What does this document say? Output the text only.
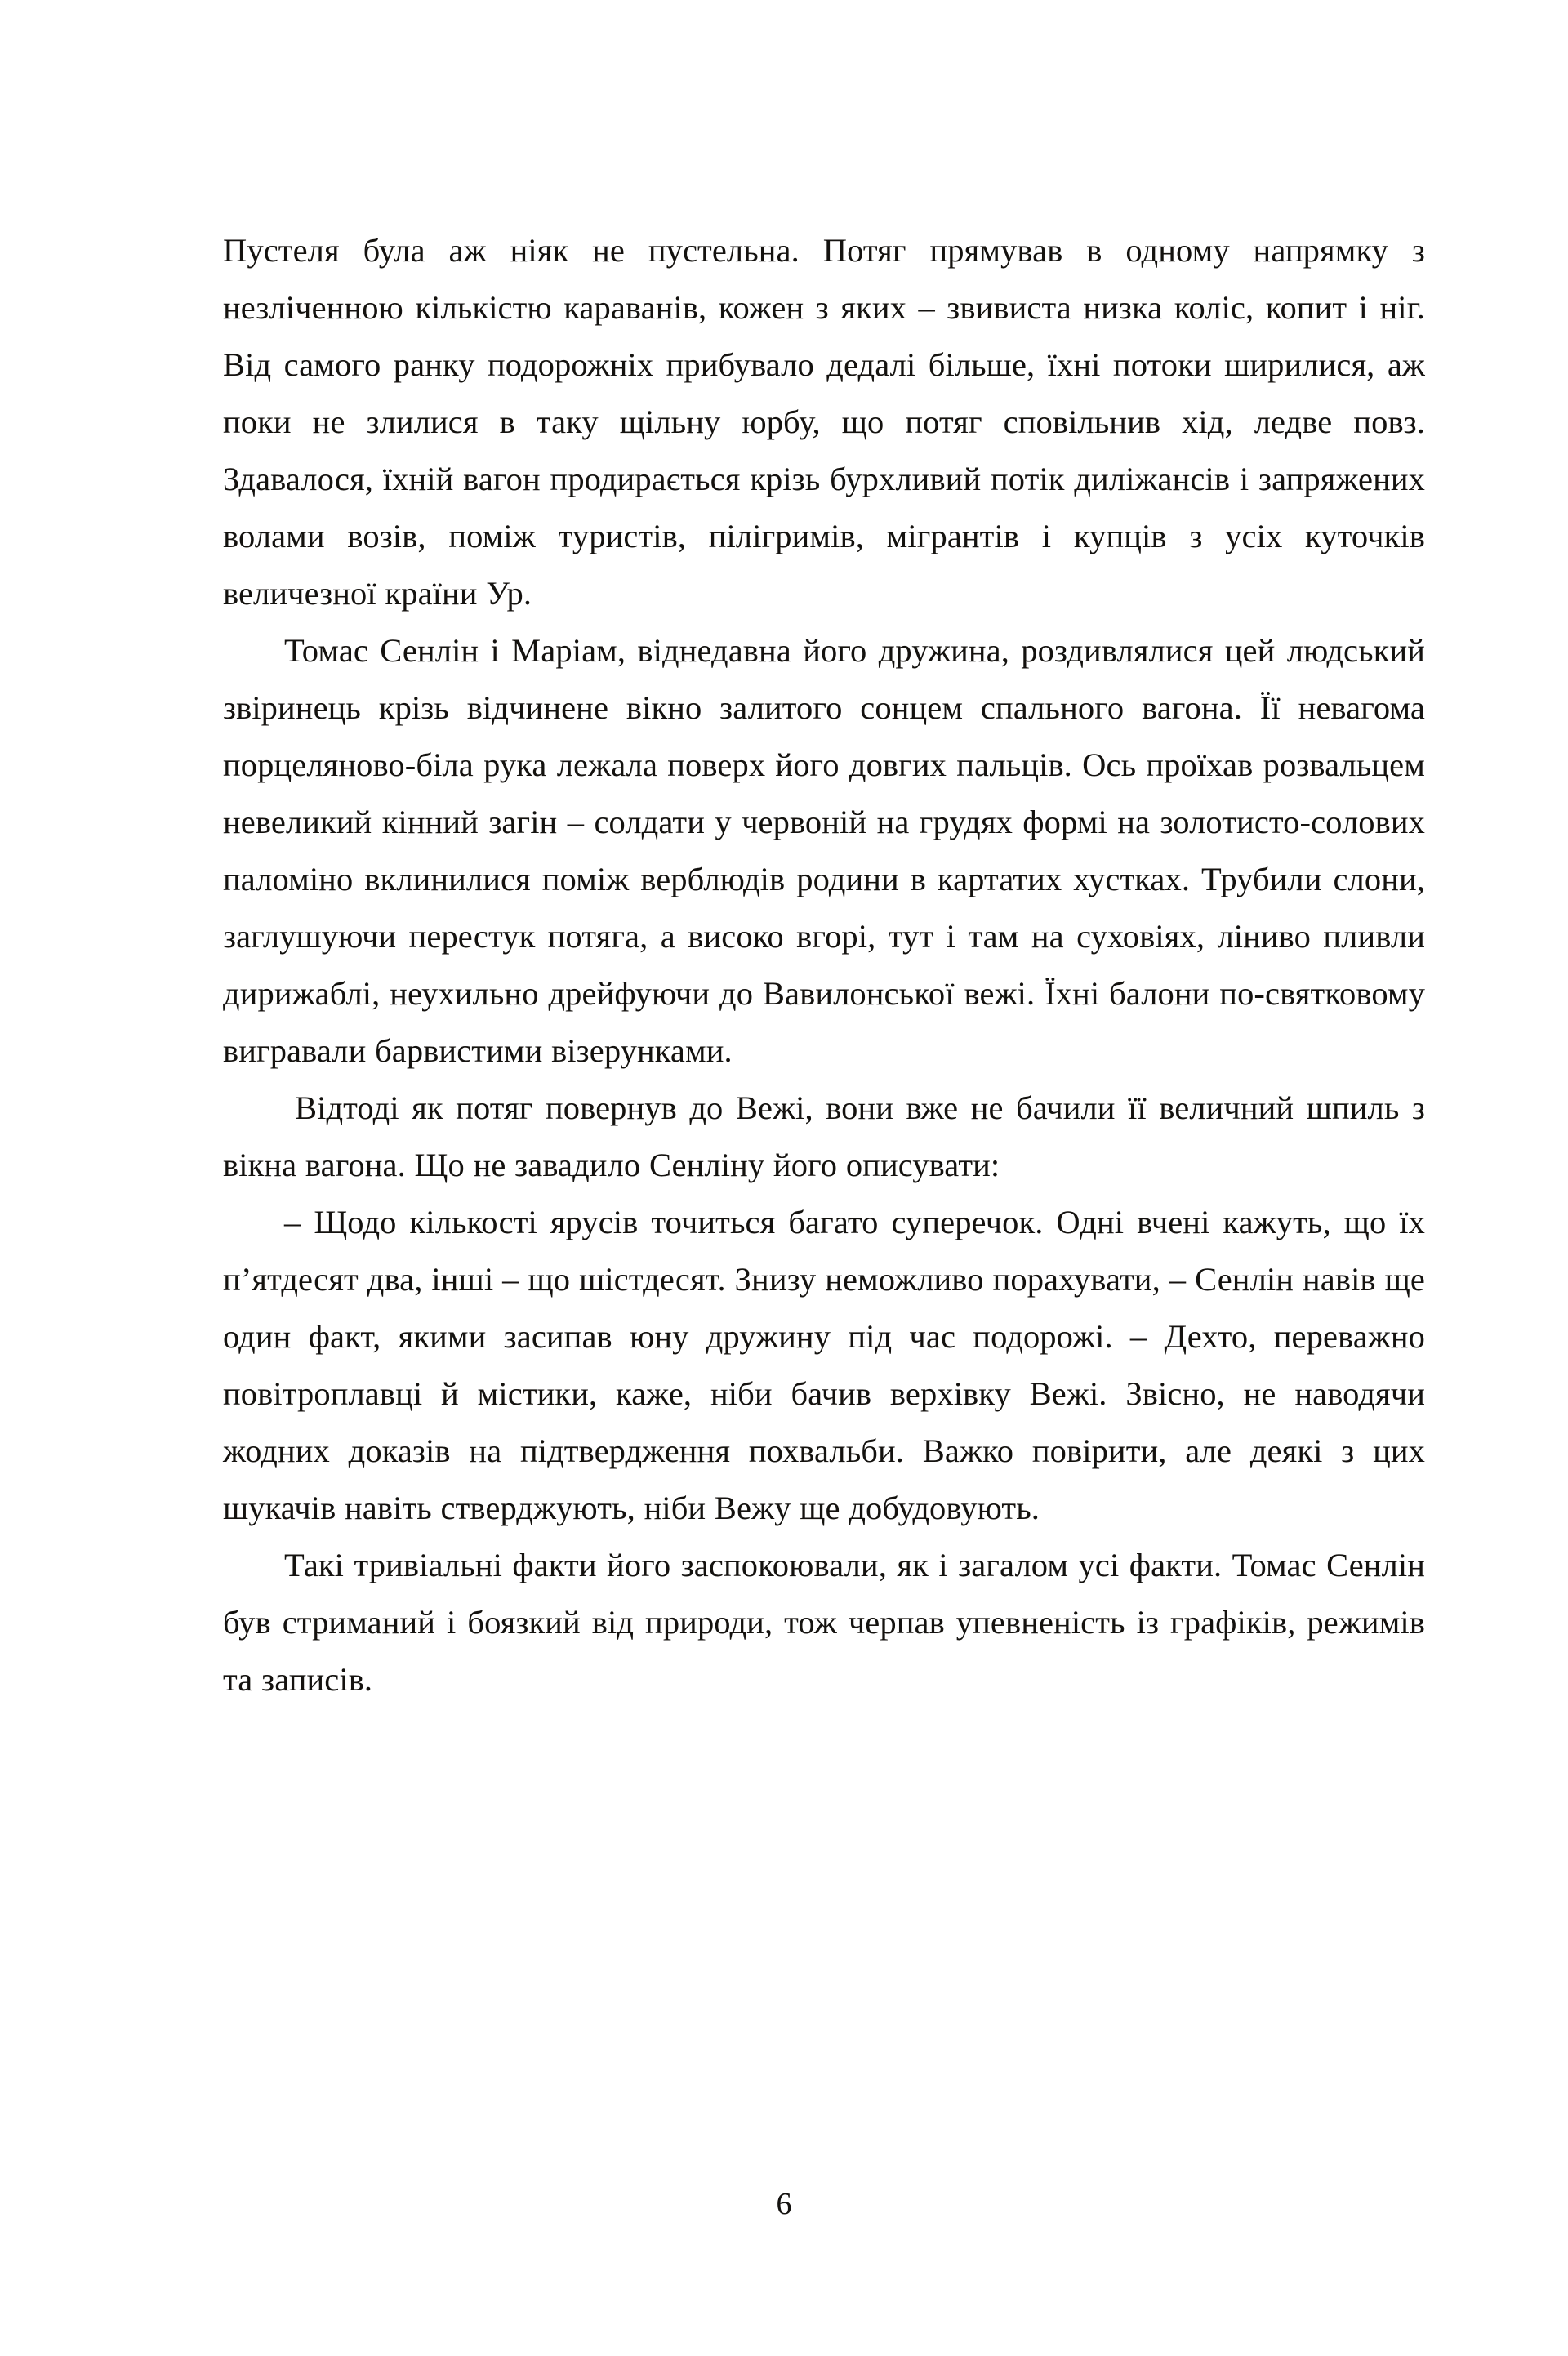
Пустеля була аж ніяк не пустельна. Потяг прямував в одному напрямку з незліченною кількістю караванів, кожен з яких – звивиста низка коліс, копит і ніг. Від самого ранку подорожніх прибувало дедалі більше, їхні потоки ширилися, аж поки не злилися в таку щільну юрбу, що потяг сповільнив хід, ледве повз. Здавалося, їхній вагон продирається крізь бурхливий потік диліжансів і запряжених волами возів, поміж туристів, пілігримів, мігрантів і купців з усіх куточків величезної країни Ур.

Томас Сенлін і Маріам, віднедавна його дружина, роздивлялися цей людський звіринець крізь відчинене вікно залитого сонцем спального вагона. Її невагома порцеляново-біла рука лежала поверх його довгих пальців. Ось проїхав розвальцем невеликий кінний загін – солдати у червоній на грудях формі на золотисто-солових паломіно вклинилися поміж верблюдів родини в картатих хустках. Трубили слони, заглушуючи перестук потяга, а високо вгорі, тут і там на суховіях, ліниво пливли дирижаблі, неухильно дрейфуючи до Вавилонської вежі. Їхні балони по-святковому вигравали барвистими візерунками.

Відтоді як потяг повернув до Вежі, вони вже не бачили її величний шпиль з вікна вагона. Що не завадило Сенліну його описувати:

– Щодо кількості ярусів точиться багато суперечок. Одні вчені кажуть, що їх п’ятдесят два, інші – що шістдесят. Знизу неможливо порахувати, – Сенлін навів ще один факт, якими засипав юну дружину під час подорожі. – Дехто, переважно повітроплавці й містики, каже, ніби бачив верхівку Вежі. Звісно, не наводячи жодних доказів на підтвердження похвальби. Важко повірити, але деякі з цих шукачів навіть стверджують, ніби Вежу ще добудовують.

Такі тривіальні факти його заспокоювали, як і загалом усі факти. Томас Сенлін був стриманий і боязкий від природи, тож черпав упевненість із графіків, режимів та записів.

6
